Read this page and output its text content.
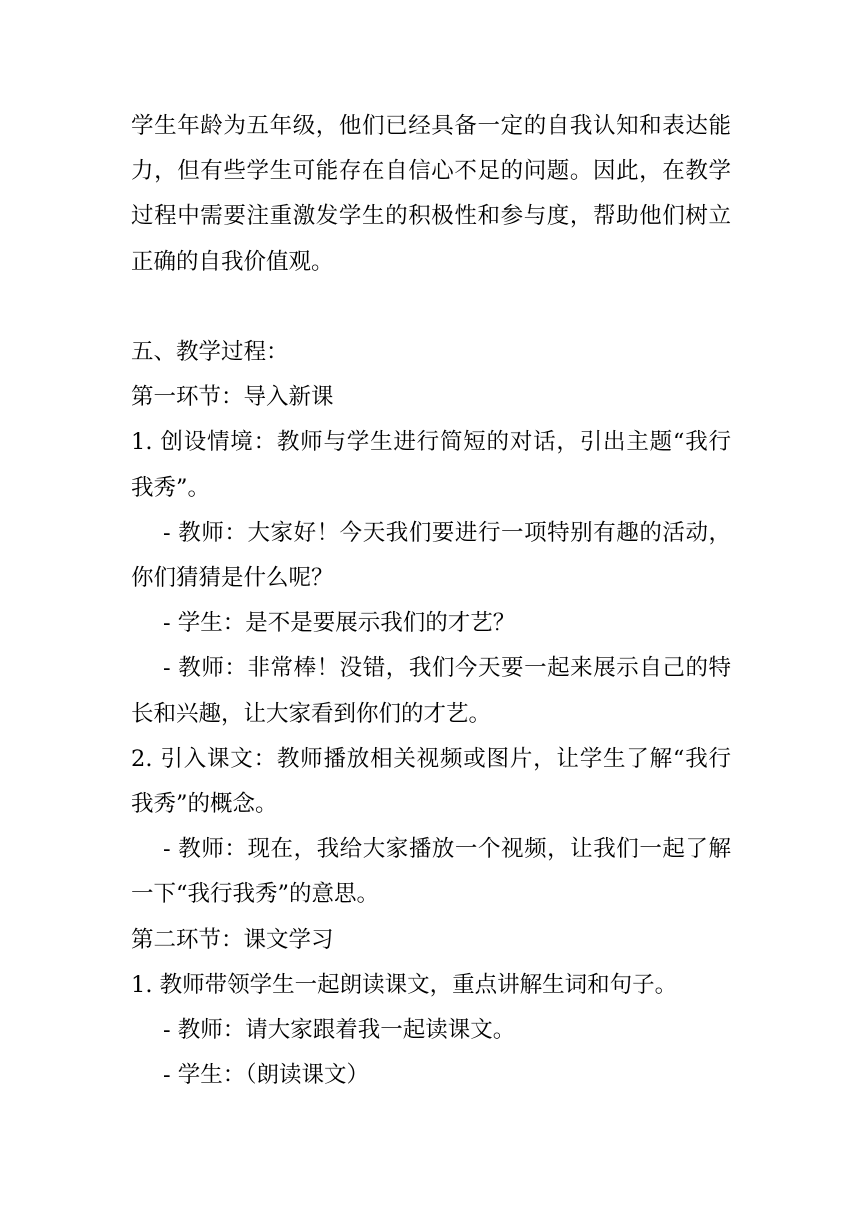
学生年龄为五年级，他们已经具备一定的自我认知和表达能力，但有些学生可能存在自信心不足的问题。因此，在教学过程中需要注重激发学生的积极性和参与度，帮助他们树立正确的自我价值观。

五、教学过程：

第一环节：导入新课

1. 创设情境：教师与学生进行简短的对话，引出主题“我行我秀”。

- 教师：大家好！今天我们要进行一项特别有趣的活动，你们猜猜是什么呢？

- 学生：是不是要展示我们的才艺？

- 教师：非常棒！没错，我们今天要一起来展示自己的特长和兴趣，让大家看到你们的才艺。

2. 引入课文：教师播放相关视频或图片，让学生了解“我行我秀”的概念。

- 教师：现在，我给大家播放一个视频，让我们一起了解一下“我行我秀”的意思。

第二环节：课文学习

1. 教师带领学生一起朗读课文，重点讲解生词和句子。

- 教师：请大家跟着我一起读课文。

- 学生：（朗读课文）
